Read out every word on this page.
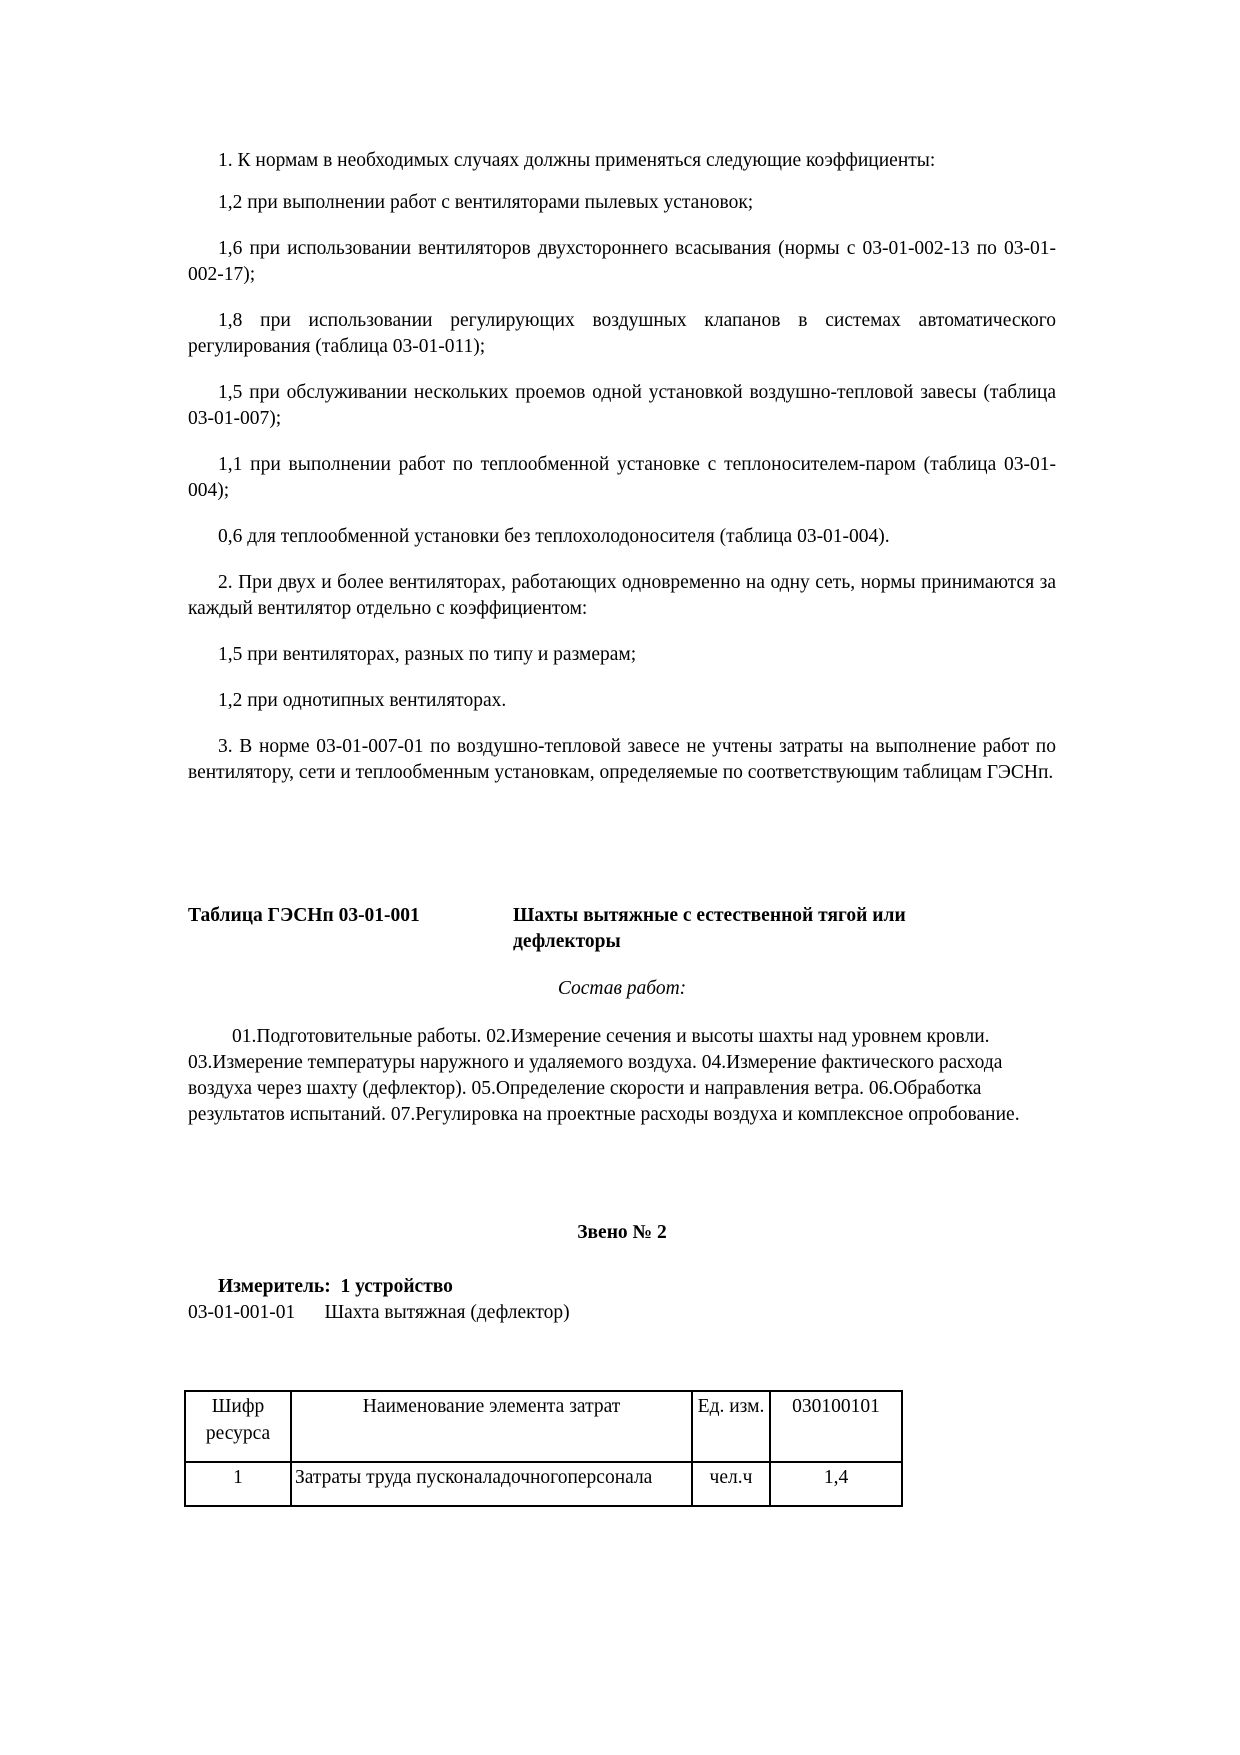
1. К нормам в необходимых случаях должны применяться следующие коэффициенты:

1,2 при выполнении работ с вентиляторами пылевых установок;

1,6 при использовании вентиляторов двухстороннего всасывания (нормы с 03-01-002-13 по 03-01-002-17);

1,8 при использовании регулирующих воздушных клапанов в системах автоматического регулирования (таблица 03-01-011);

1,5 при обслуживании нескольких проемов одной установкой воздушно-тепловой завесы (таблица 03-01-007);

1,1 при выполнении работ по теплообменной установке с теплоносителем-паром (таблица 03-01-004);

0,6 для теплообменной установки без теплохолодоносителя (таблица 03-01-004).

2. При двух и более вентиляторах, работающих одновременно на одну сеть, нормы принимаются за каждый вентилятор отдельно с коэффициентом:

1,5 при вентиляторах, разных по типу и размерам;

1,2 при однотипных вентиляторах.

3. В норме 03-01-007-01 по воздушно-тепловой завесе не учтены затраты на выполнение работ по вентилятору, сети и теплообменным установкам, определяемые по соответствующим таблицам ГЭСНп.

Таблица ГЭСНп 03-01-001	Шахты вытяжные с естественной тягой или дефлекторы
Состав работ:
01.Подготовительные работы. 02.Измерение сечения и высоты шахты над уровнем кровли. 03.Измерение температуры наружного и удаляемого воздуха. 04.Измерение фактического расхода воздуха через шахту (дефлектор). 05.Определение скорости и направления ветра. 06.Обработка результатов испытаний. 07.Регулировка на проектные расходы воздуха и комплексное опробование.
Звено № 2
Измеритель:  1 устройство
03-01-001-01 Шахта вытяжная (дефлектор)
Шифр ресурса	Наименование элемента затрат	Ед. изм.	030100101
1	Затраты труда пусконаладочногоперсонала	чел.ч	1,4
